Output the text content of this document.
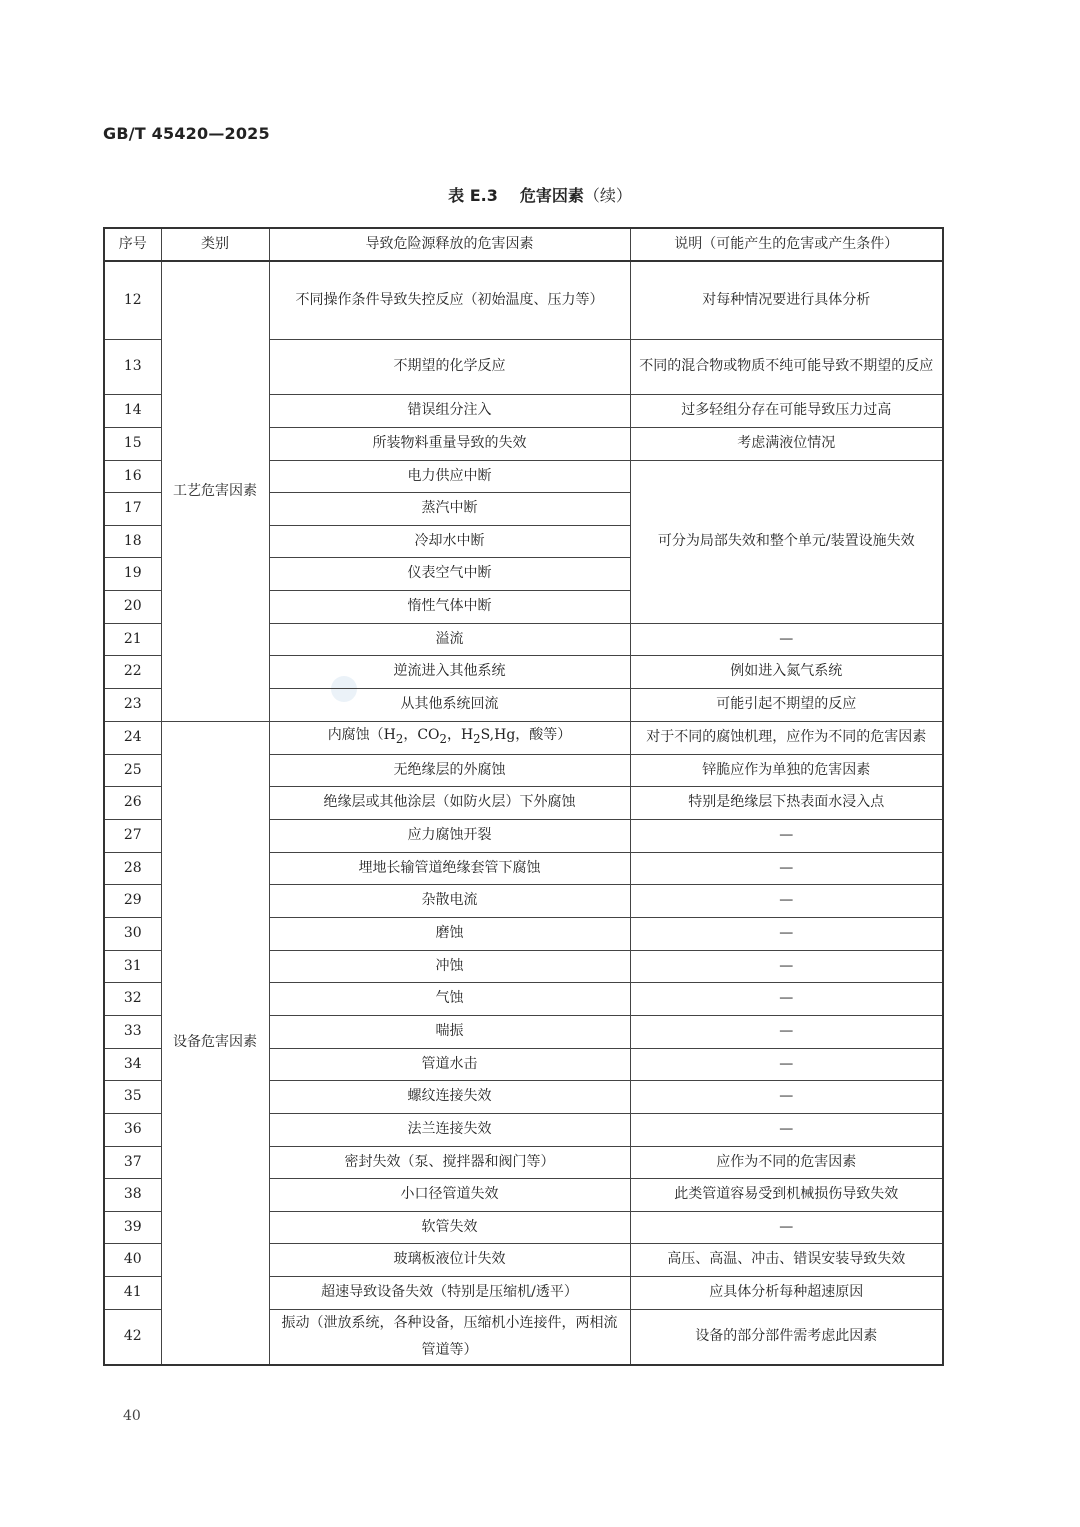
GB/T 45420—2025
表 E.3 危害因素（续）
序号	类别	导致危险源释放的危害因素	说明（可能产生的危害或产生条件）
12	工艺危害因素	不同操作条件导致失控反应（初始温度、压力等）	对每种情况要进行具体分析
13		不期望的化学反应	不同的混合物或物质不纯可能导致不期望的反应
14		错误组分注入	过多轻组分存在可能导致压力过高
15		所装物料重量导致的失效	考虑满液位情况
16		电力供应中断	可分为局部失效和整个单元/装置设施失效
17		蒸汽中断	
18		冷却水中断	
19		仪表空气中断	
20		惰性气体中断	
21		溢流	—
22		逆流进入其他系统	例如进入氮气系统
23		从其他系统回流	可能引起不期望的反应
24	设备危害因素	内腐蚀（$H_2$，$CO_2$，$H_2S,Hg$，酸等）	对于不同的腐蚀机理，应作为不同的危害因素
25		无绝缘层的外腐蚀	锌脆应作为单独的危害因素
26		绝缘层或其他涂层（如防火层）下外腐蚀	特别是绝缘层下热表面水浸入点
27		应力腐蚀开裂	—
28		埋地长输管道绝缘套管下腐蚀	—
29		杂散电流	—
30		磨蚀	—
31		冲蚀	—
32		气蚀	—
33		喘振	—
34		管道水击	—
35		螺纹连接失效	—
36		法兰连接失效	—
37		密封失效（泵、搅拌器和阀门等）	应作为不同的危害因素
38		小口径管道失效	此类管道容易受到机械损伤导致失效
39		软管失效	—
40		玻璃板液位计失效	高压、高温、冲击、错误安装导致失效
41		超速导致设备失效（特别是压缩机/透平）	应具体分析每种超速原因
42		振动（泄放系统，各种设备，压缩机小连接件，两相流管道等）	设备的部分部件需考虑此因素
40
